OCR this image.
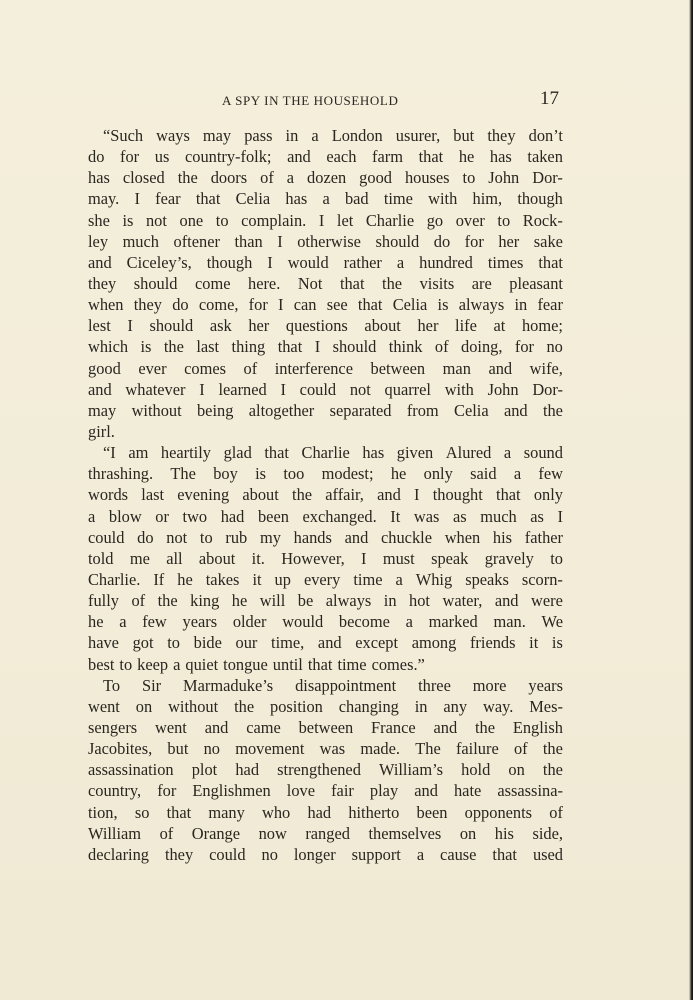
A SPY IN THE HOUSEHOLD	17
“Such ways may pass in a London usurer, but they don’t
do for us country-folk; and each farm that he has taken
has closed the doors of a dozen good houses to John Dor-
may. I fear that Celia has a bad time with him, though
she is not one to complain. I let Charlie go over to Rock-
ley much oftener than I otherwise should do for her sake
and Ciceley’s, though I would rather a hundred times that
they should come here. Not that the visits are pleasant
when they do come, for I can see that Celia is always in fear
lest I should ask her questions about her life at home;
which is the last thing that I should think of doing, for no
good ever comes of interference between man and wife,
and whatever I learned I could not quarrel with John Dor-
may without being altogether separated from Celia and the
girl.
“I am heartily glad that Charlie has given Alured a sound
thrashing. The boy is too modest; he only said a few
words last evening about the affair, and I thought that only
a blow or two had been exchanged. It was as much as I
could do not to rub my hands and chuckle when his father
told me all about it. However, I must speak gravely to
Charlie. If he takes it up every time a Whig speaks scorn-
fully of the king he will be always in hot water, and were
he a few years older would become a marked man. We
have got to bide our time, and except among friends it is
best to keep a quiet tongue until that time comes.”
To Sir Marmaduke’s disappointment three more years
went on without the position changing in any way. Mes-
sengers went and came between France and the English
Jacobites, but no movement was made. The failure of the
assassination plot had strengthened William’s hold on the
country, for Englishmen love fair play and hate assassina-
tion, so that many who had hitherto been opponents of
William of Orange now ranged themselves on his side,
declaring they could no longer support a cause that used
